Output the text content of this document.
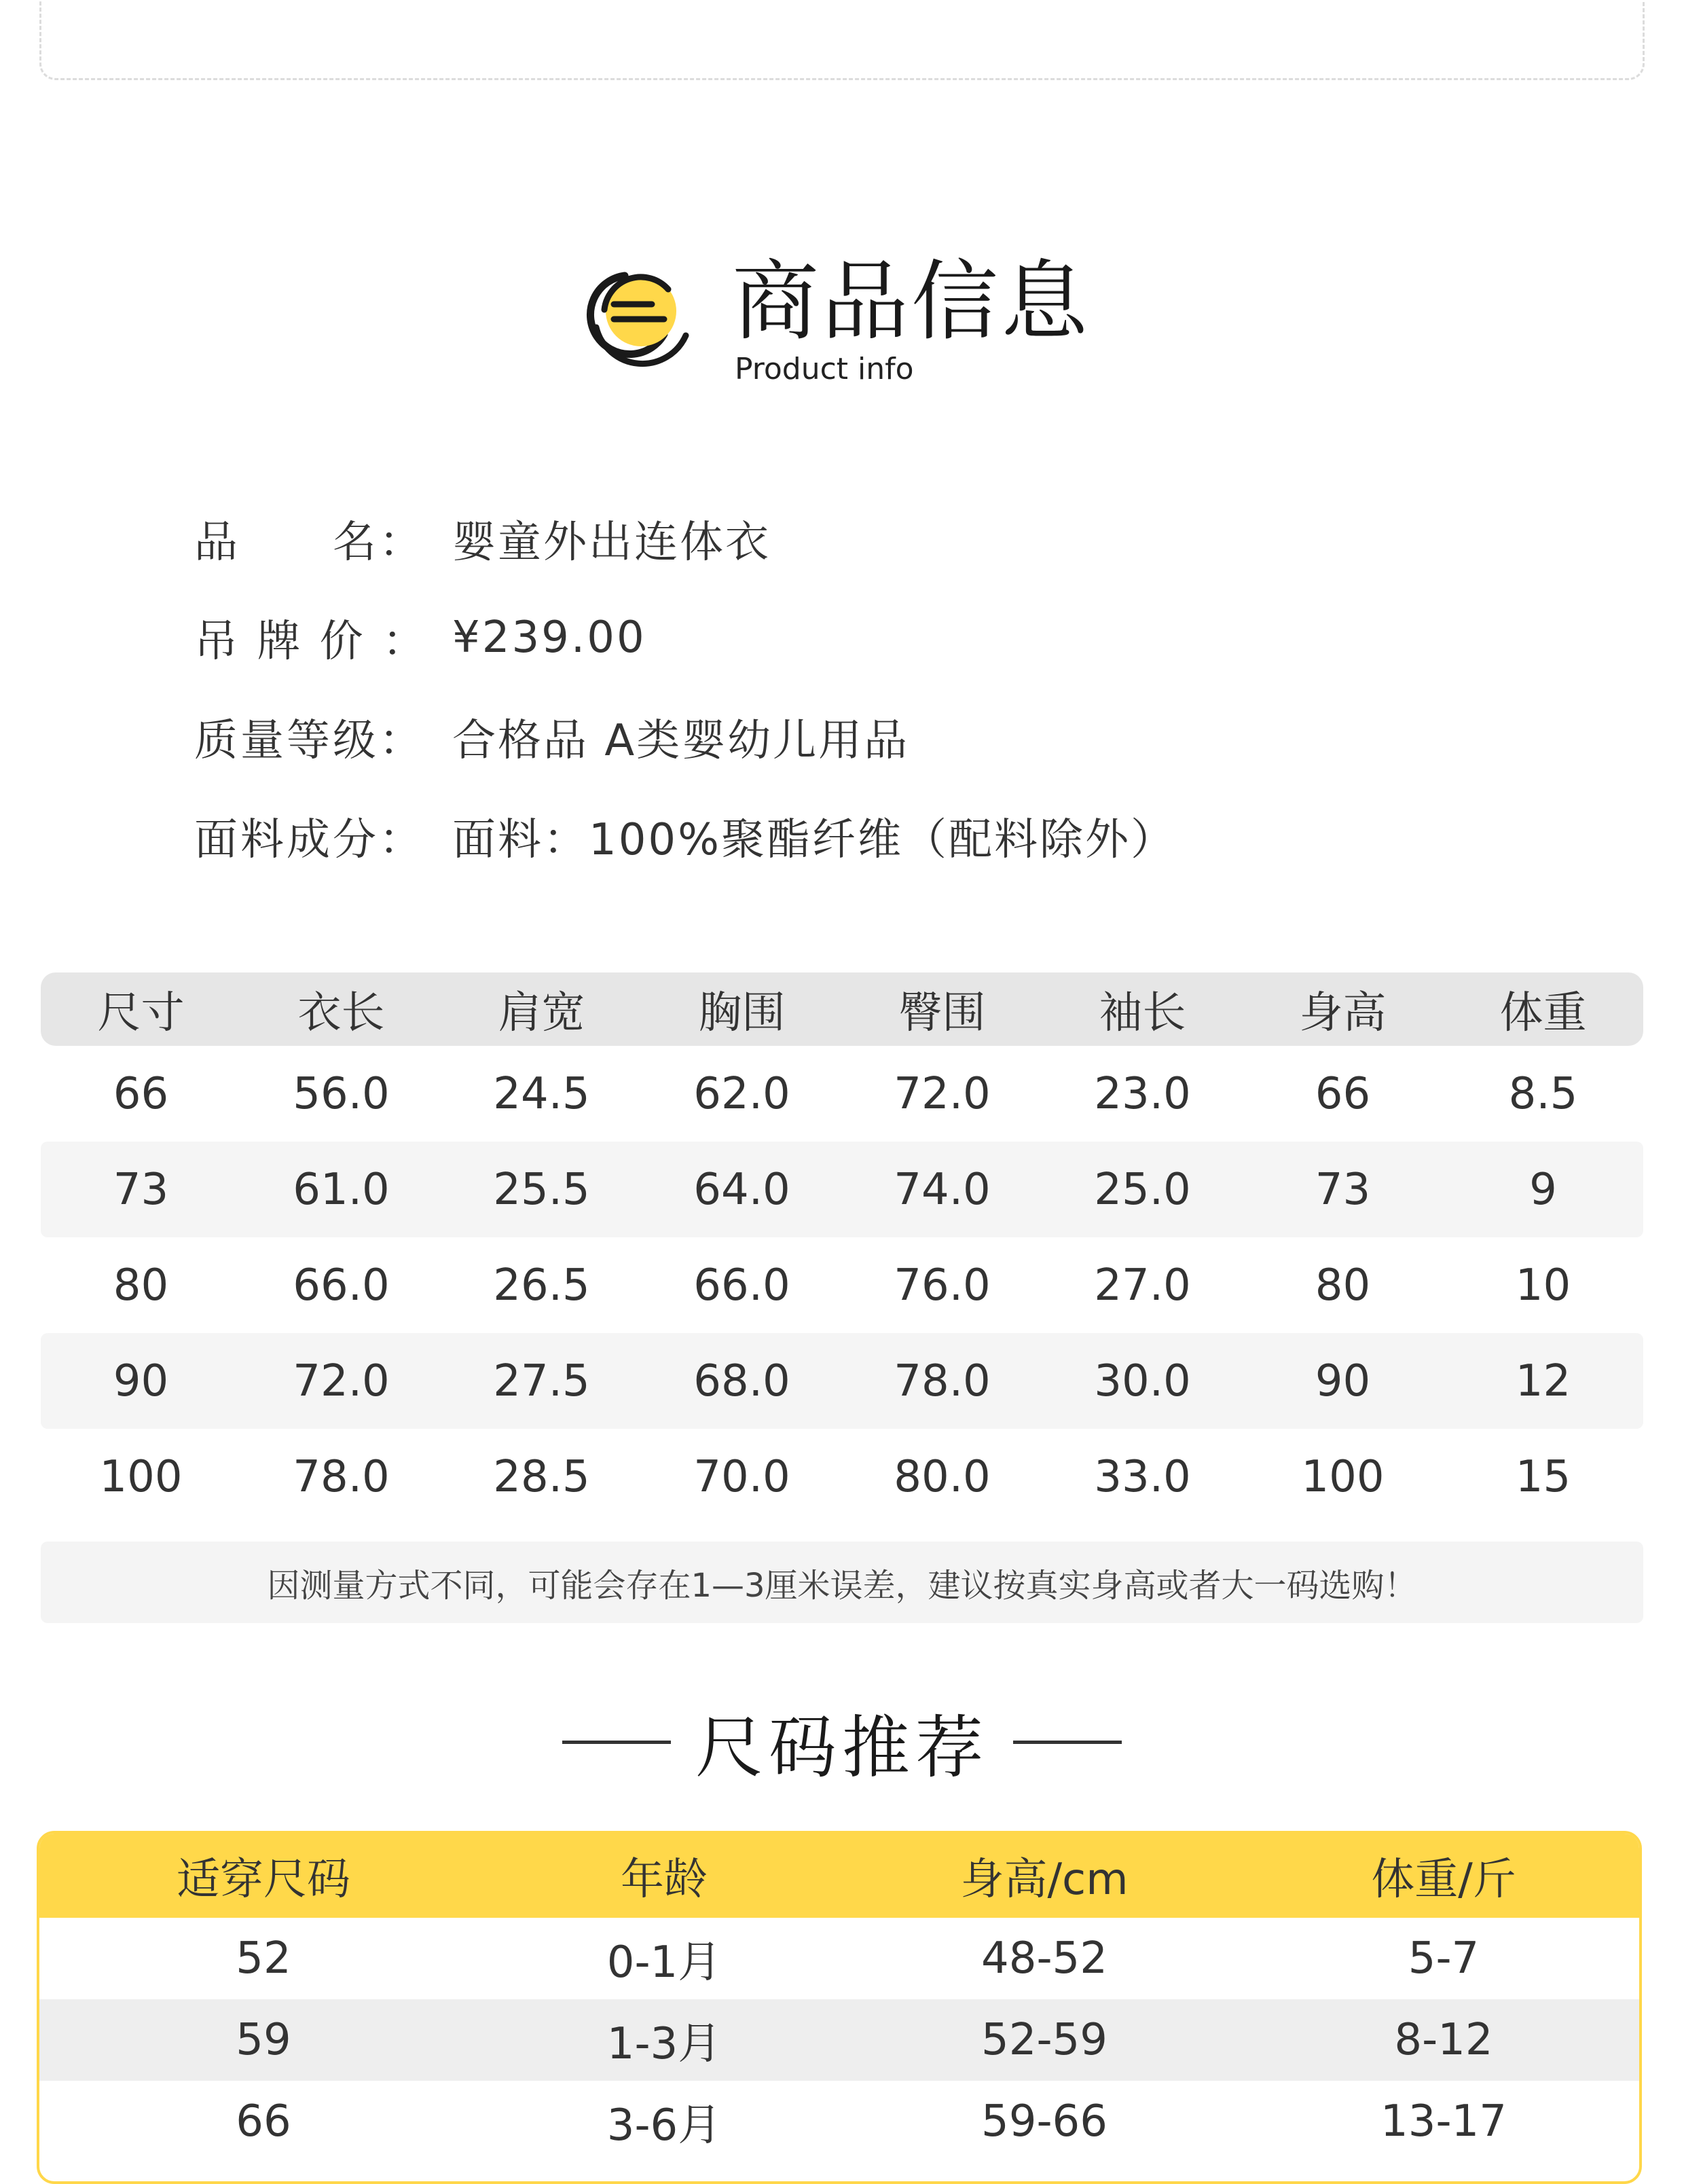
商品信息
Product info
品　　名： 婴童外出连体衣
吊 牌 价 ： ¥239.00
质量等级： 合格品 A类婴幼儿用品
面料成分： 面料：100%聚酯纤维（配料除外）
尺寸	衣长	肩宽	胸围	臀围	袖长	身高	体重
66	56.0	24.5	62.0	72.0	23.0	66	8.5
73	61.0	25.5	64.0	74.0	25.0	73	9
80	66.0	26.5	66.0	76.0	27.0	80	10
90	72.0	27.5	68.0	78.0	30.0	90	12
100	78.0	28.5	70.0	80.0	33.0	100	15
因测量方式不同，可能会存在1—3厘米误差，建议按真实身高或者大一码选购！
尺码推荐
适穿尺码	年龄	身高/cm	体重/斤
52	0-1月	48-52	5-7
59	1-3月	52-59	8-12
66	3-6月	59-66	13-17
